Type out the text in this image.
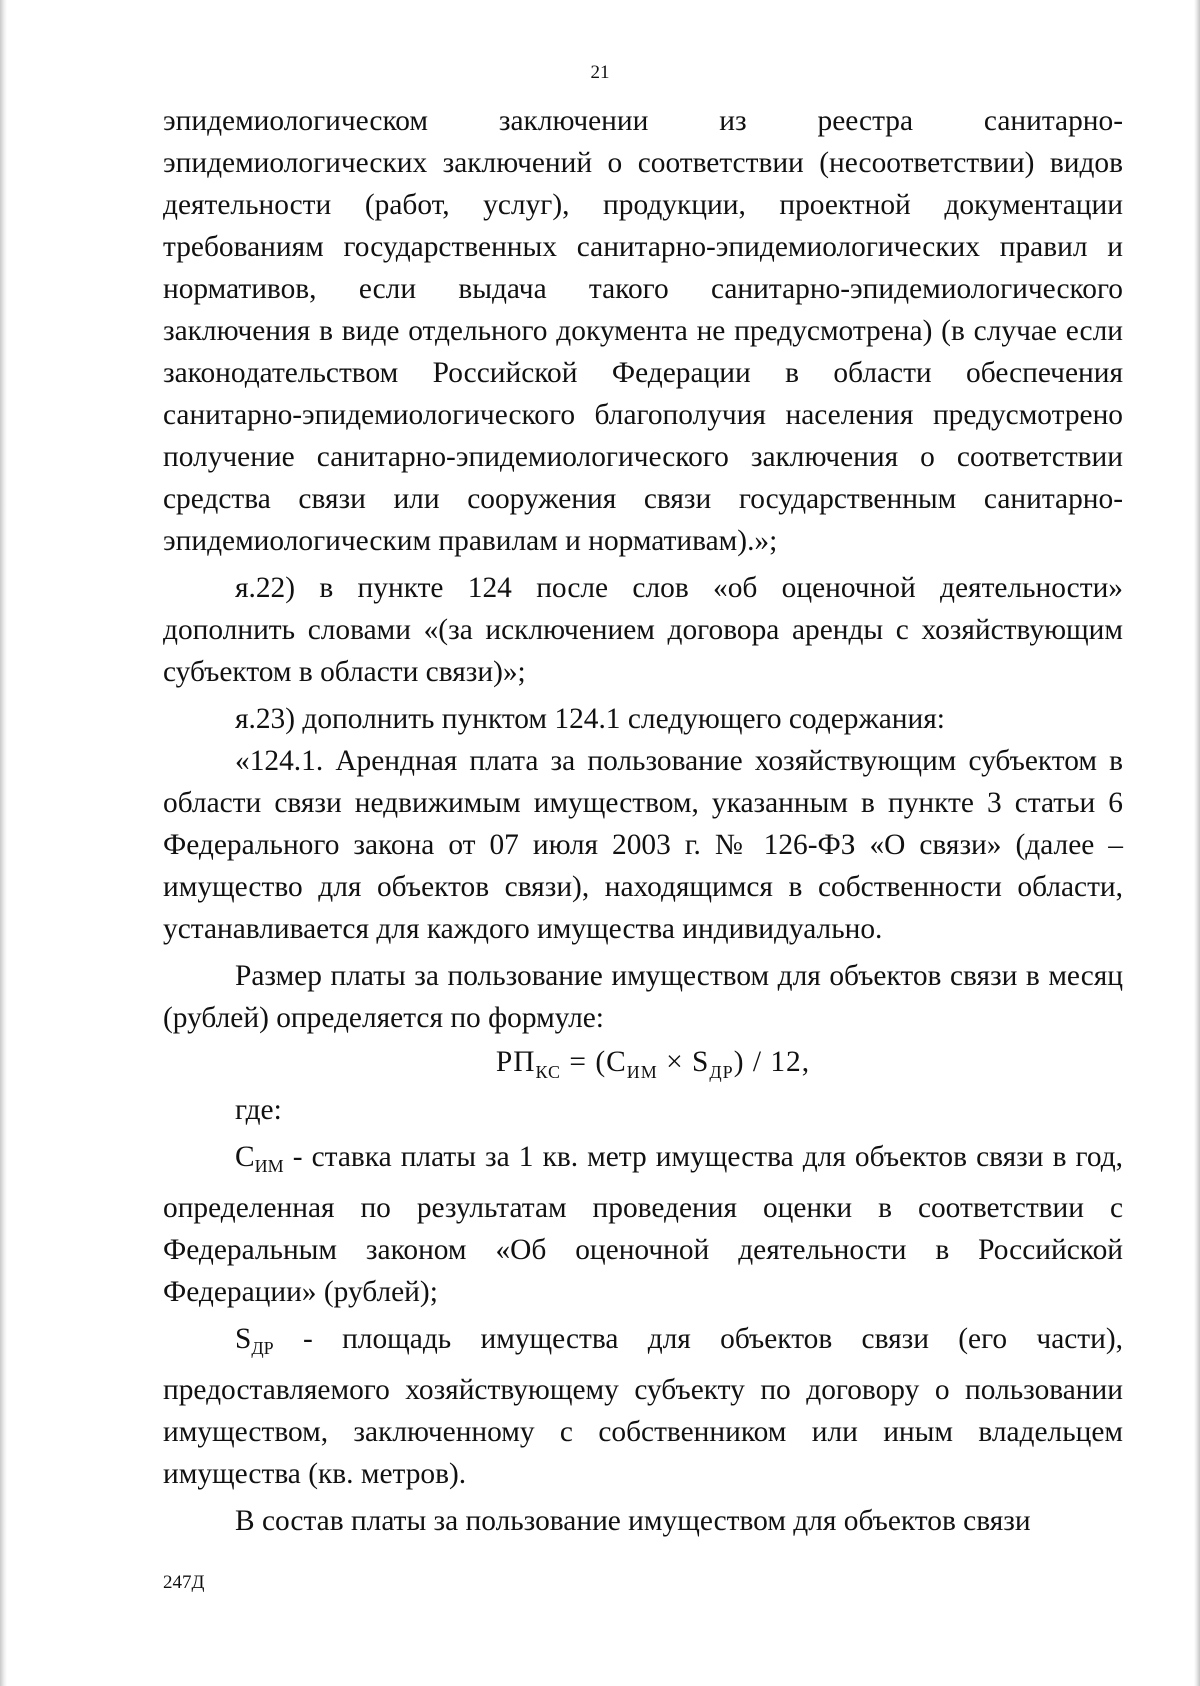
21

эпидемиологическом заключении из реестра санитарно-эпидемиологических заключений о соответствии (несоответствии) видов деятельности (работ, услуг), продукции, проектной документации требованиям государственных санитарно-эпидемиологических правил и нормативов, если выдача такого санитарно-эпидемиологического заключения в виде отдельного документа не предусмотрена) (в случае если законодательством Российской Федерации в области обеспечения санитарно-эпидемиологического благополучия населения предусмотрено получение санитарно-эпидемиологического заключения о соответствии средства связи или сооружения связи государственным санитарно-эпидемиологическим правилам и нормативам).»;

я.22) в пункте 124 после слов «об оценочной деятельности» дополнить словами «(за исключением договора аренды с хозяйствующим субъектом в области связи)»;

я.23) дополнить пунктом 124.1 следующего содержания:

«124.1. Арендная плата за пользование хозяйствующим субъектом в области связи недвижимым имуществом, указанным в пункте 3 статьи 6 Федерального закона от 07 июля 2003 г. № 126-ФЗ «О связи» (далее – имущество для объектов связи), находящимся в собственности области, устанавливается для каждого имущества индивидуально.

Размер платы за пользование имуществом для объектов связи в месяц (рублей) определяется по формуле:

$РП_{КС} = (С_{ИМ} \times S_{ДР}) / 12$,

где:

$С_{ИМ}$ - ставка платы за 1 кв. метр имущества для объектов связи в год, определенная по результатам проведения оценки в соответствии с Федеральным законом «Об оценочной деятельности в Российской Федерации» (рублей);

$S_{ДР}$ - площадь имущества для объектов связи (его части), предоставляемого хозяйствующему субъекту по договору о пользовании имуществом, заключенному с собственником или иным владельцем имущества (кв. метров).

В состав платы за пользование имуществом для объектов связи

247Д
